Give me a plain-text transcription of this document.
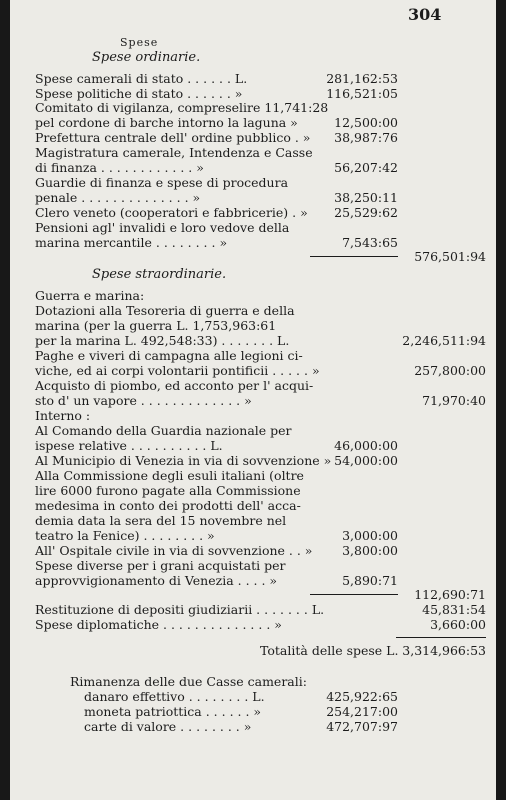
304
Spese
Spese ordinarie.
Spese camerali di stato . . . . . . L.	281,162:53
Spese politiche di stato . . . . . . »	116,521:05
Comitato di vigilanza, compreselire 11,741:28
pel cordone di barche intorno la laguna »	12,500:00
Prefettura centrale dell' ordine pubblico . » 38,987:76
Magistratura camerale, Intendenza e Casse
di finanza . . . . . . . . . . . . »	56,207:42
Guardie di finanza e spese di procedura
penale . . . . . . . . . . . . . . »	38,250:11
Clero veneto (cooperatori e fabbricerie) . » 25,529:62
Pensioni agl' invalidi e loro vedove della
marina mercantile . . . . . . . . »	7,543:65
576,501:94
Spese straordinarie.
Guerra e marina:
Dotazioni alla Tesoreria di guerra e della
marina (per la guerra L. 1,753,963:61
per la marina L. 492,548:33) . . . . . . . L.	2,246,511:94
Paghe e viveri di campagna alle legioni ci-
viche, ed ai corpi volontarii pontificii . . . . . »	257,800:00
Acquisto di piombo, ed acconto per l' acqui-
sto d' un vapore . . . . . . . . . . . . . »	71,970:40
Interno :
Al Comando della Guardia nazionale per
ispese relative . . . . . . . . . . L.	46,000:00
Al Municipio di Venezia in via di sovvenzione » 54,000:00
Alla Commissione degli esuli italiani (oltre
lire 6000 furono pagate alla Commissione
medesima in conto dei prodotti dell' acca-
demia data la sera del 15 novembre nel
teatro la Fenice) . . . . . . . . »	3,000:00
All' Ospitale civile in via di sovvenzione . . » 3,800:00
Spese diverse per i grani acquistati per
approvvigionamento di Venezia . . . . »	5,890:71
112,690:71
Restituzione di depositi giudiziarii . . . . . . . L.	45,831:54
Spese diplomatiche . . . . . . . . . . . . . . »	3,660:00
Totalità delle spese L. 3,314,966:53
Rimanenza delle due Casse camerali:
danaro effettivo . . . . . . . . L.	425,922:65
moneta patriottica . . . . . . »	254,217:00
carte di valore . . . . . . . . »	472,707:97
